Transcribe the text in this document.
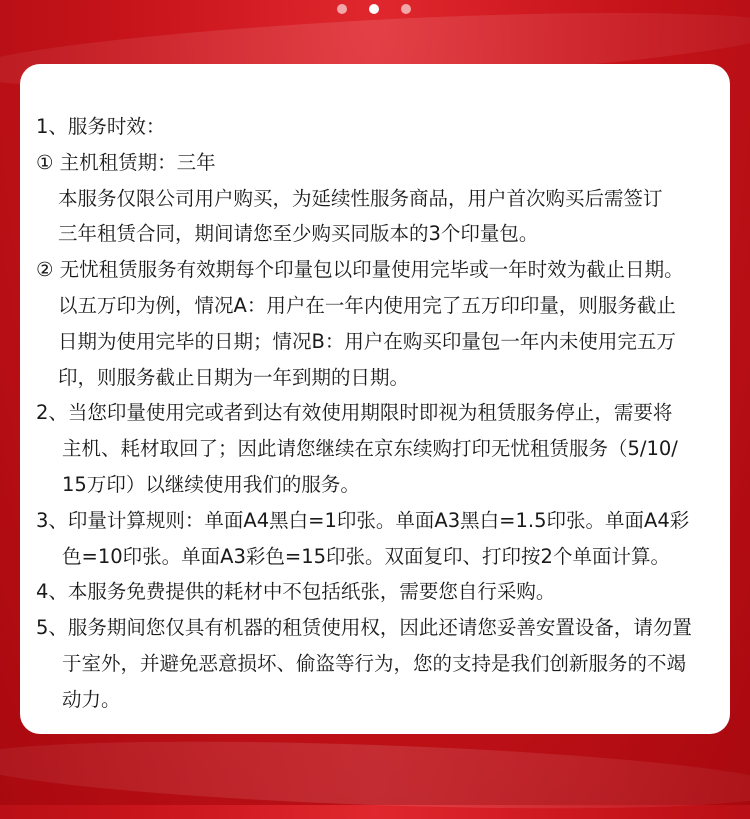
1、服务时效：
① 主机租赁期：三年
本服务仅限公司用户购买，为延续性服务商品，用户首次购买后需签订
三年租赁合同，期间请您至少购买同版本的3个印量包。
② 无忧租赁服务有效期每个印量包以印量使用完毕或一年时效为截止日期。
以五万印为例，情况A：用户在一年内使用完了五万印印量，则服务截止
日期为使用完毕的日期；情况B：用户在购买印量包一年内未使用完五万
印，则服务截止日期为一年到期的日期。
2、当您印量使用完或者到达有效使用期限时即视为租赁服务停止，需要将
主机、耗材取回了；因此请您继续在京东续购打印无忧租赁服务（5/10/
15万印）以继续使用我们的服务。
3、印量计算规则：单面A4黑白=1印张。单面A3黑白=1.5印张。单面A4彩
色=10印张。单面A3彩色=15印张。双面复印、打印按2个单面计算。
4、本服务免费提供的耗材中不包括纸张，需要您自行采购。
5、服务期间您仅具有机器的租赁使用权，因此还请您妥善安置设备，请勿置
于室外，并避免恶意损坏、偷盗等行为，您的支持是我们创新服务的不竭
动力。
